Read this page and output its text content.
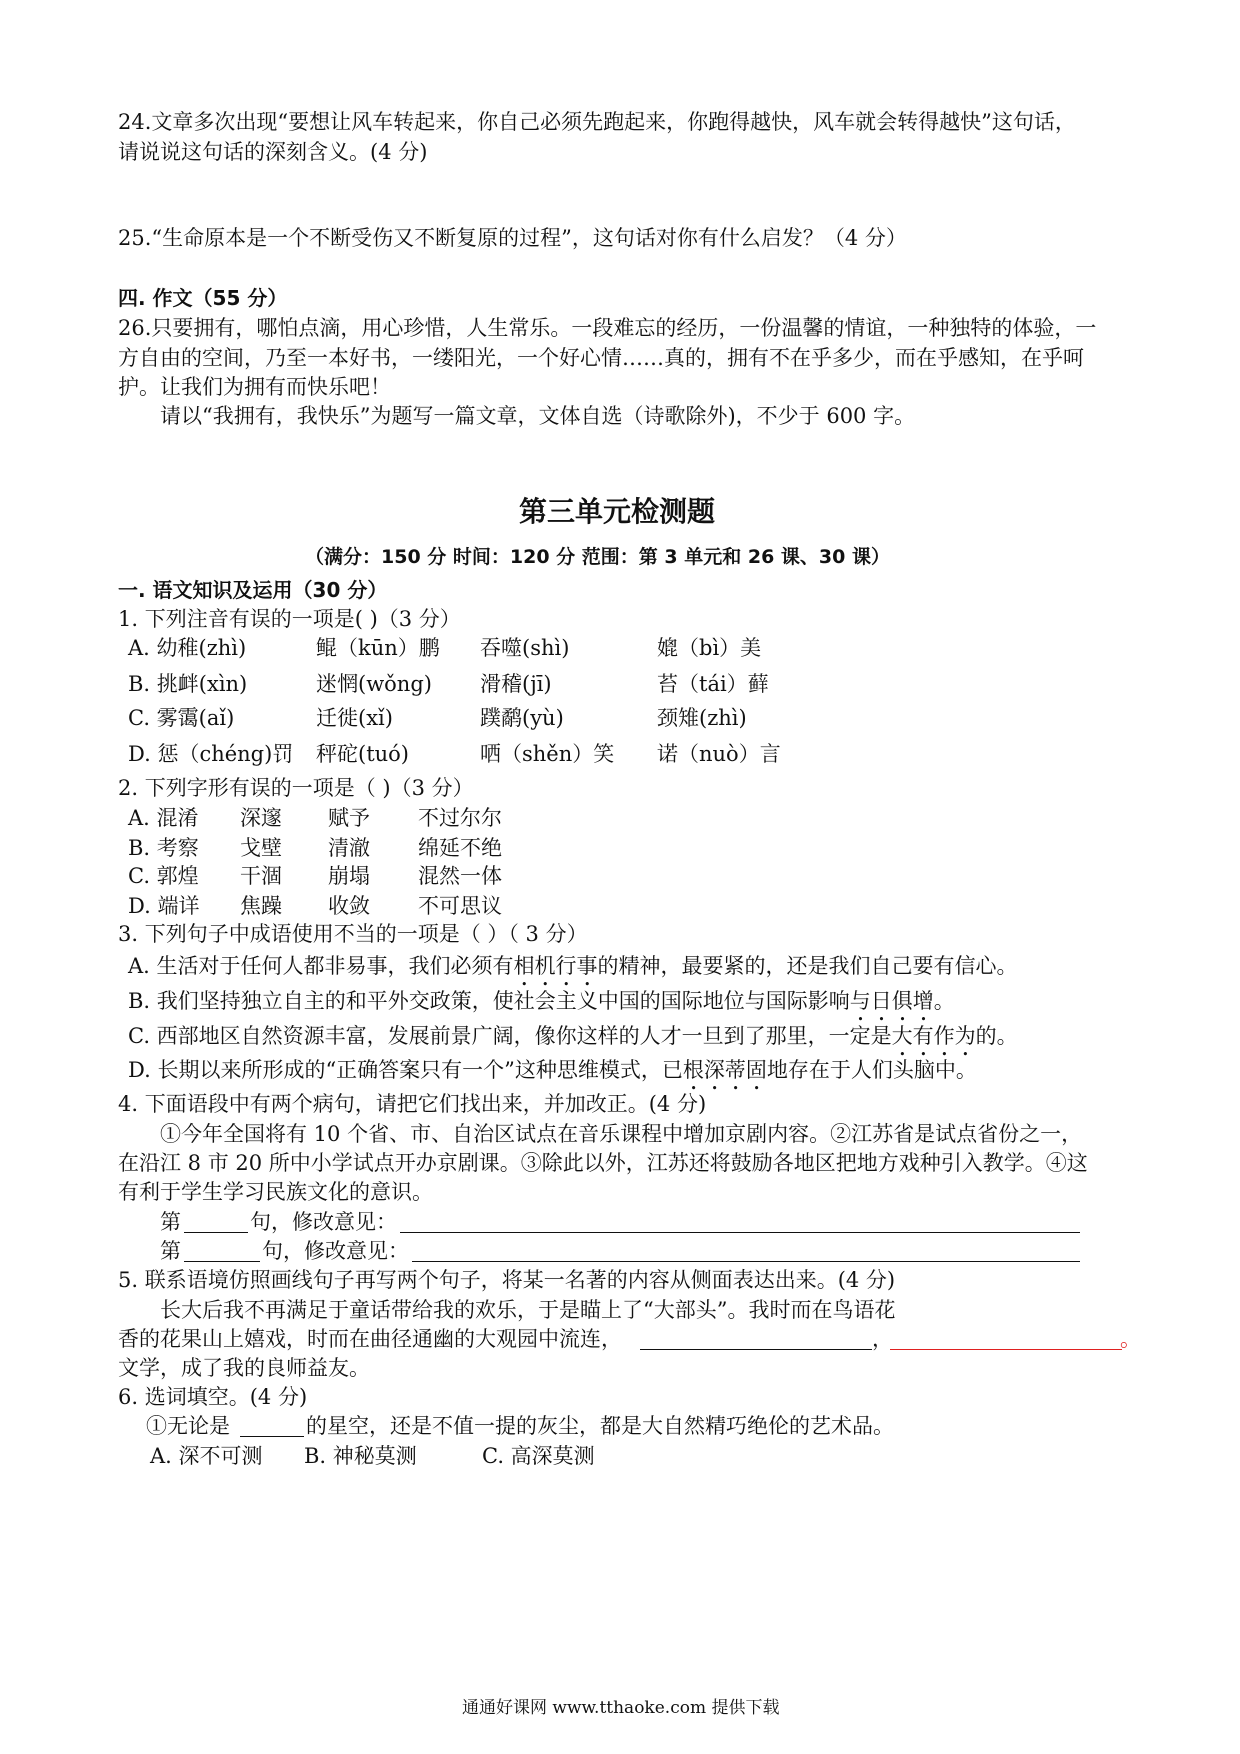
24.文章多次出现“要想让风车转起来，你自己必须先跑起来，你跑得越快，风车就会转得越快”这句话，
请说说这句话的深刻含义。(4 分)
25.“生命原本是一个不断受伤又不断复原的过程”，这句话对你有什么启发？（4 分）
四. 作文（55 分）
26.只要拥有，哪怕点滴，用心珍惜，人生常乐。一段难忘的经历，一份温馨的情谊，一种独特的体验，一
方自由的空间，乃至一本好书，一缕阳光，一个好心情……真的，拥有不在乎多少，而在乎感知，在乎呵
护。让我们为拥有而快乐吧！
请以“我拥有，我快乐”为题写一篇文章，文体自选（诗歌除外)，不少于 600 字。
第三单元检测题
（满分：150 分 时间：120 分 范围：第 3 单元和 26 课、30 课）
一. 语文知识及运用（30 分）
1. 下列注音有误的一项是( )（3 分）
A. 幼稚(zhì)	鲲（kūn）鹏 吞噬(shì)	媲（bì）美
B. 挑衅(xìn)	迷惘(wǒng) 滑稽(jī)	苔（tái）藓
C. 雾霭(aǐ)	迁徙(xǐ)	蹼鹬(yù)	颈雉(zhì)
D. 惩（chéng)罚 秤砣(tuó)	哂（shěn）笑 诺（nuò）言
2. 下列字形有误的一项是（ )（3 分）
A. 混淆 深邃 赋予 不过尔尔
B. 考察 戈壁 清澈 绵延不绝
C. 郭煌 干涸 崩塌 混然一体
D. 端详 焦躁 收敛 不可思议
3. 下列句子中成语使用不当的一项是（ ）（ 3 分）
A. 生活对于任何人都非易事，我们必须有相机行事的精神，最要紧的，还是我们自己要有信心。
B. 我们坚持独立自主的和平外交政策，使社会主义中国的国际地位与国际影响与日俱增。
C. 西部地区自然资源丰富，发展前景广阔，像你这样的人才一旦到了那里，一定是大有作为的。
D. 长期以来所形成的“正确答案只有一个”这种思维模式，已根深蒂固地存在于人们头脑中。
4. 下面语段中有两个病句，请把它们找出来，并加改正。(4 分)
①今年全国将有 10 个省、市、自治区试点在音乐课程中增加京剧内容。②江苏省是试点省份之一，
在沿江 8 市 20 所中小学试点开办京剧课。③除此以外，江苏还将鼓励各地区把地方戏种引入教学。④这
有利于学生学习民族文化的意识。
第	句，修改意见：
第	句，修改意见：
5. 联系语境仿照画线句子再写两个句子，将某一名著的内容从侧面表达出来。(4 分)
长大后我不再满足于童话带给我的欢乐，于是瞄上了“大部头”。我时而在鸟语花
香的花果山上嬉戏，时而在曲径通幽的大观园中流连，	，	。
文学，成了我的良师益友。
6. 选词填空。(4 分)
①无论是	的星空，还是不值一提的灰尘，都是大自然精巧绝伦的艺术品。
A. 深不可测 B. 神秘莫测	C. 高深莫测
通通好课网 www.tthaoke.com 提供下载
